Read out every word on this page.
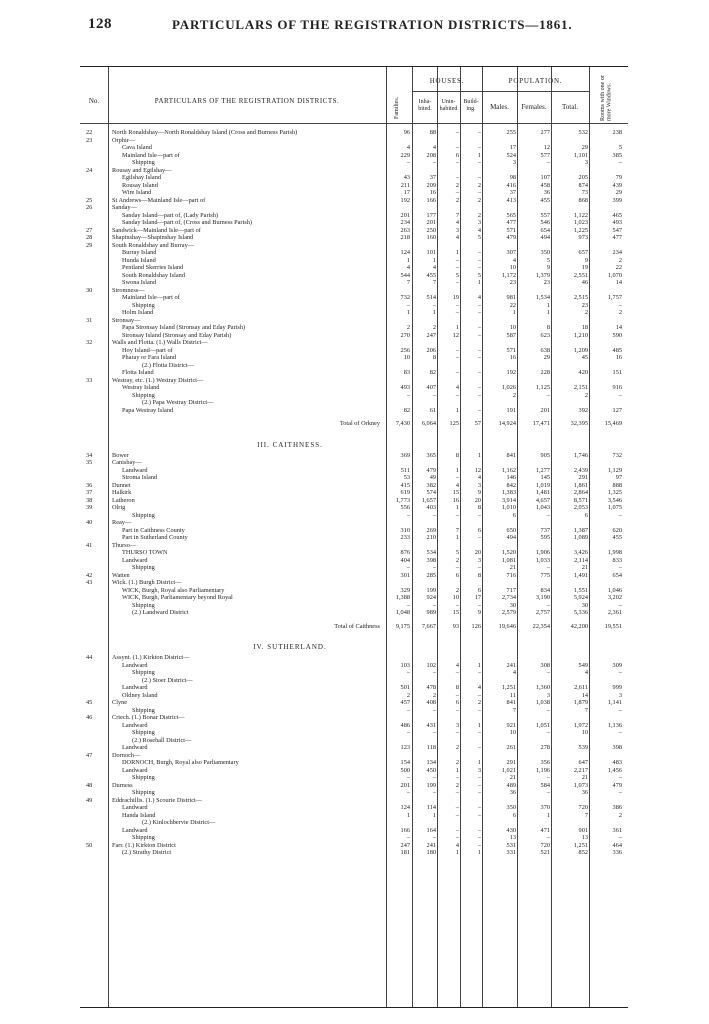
128	PARTICULARS OF THE REGISTRATION DISTRICTS—1861.
No.	PARTICULARS OF THE REGISTRATION DISTRICTS.	Families.
HOUSES.
Inha- bited.
Unin- habited
Build- ing.
POPULATION.
Males.	Females.	Total.	Rooms with one or more Windows.
22	North Ronaldshay—North Ronaldshay Island (Cross and Burness Parish)	96	88	–	–	255	277	532	238
23	Orphir—
Cava Island	4	4	–	–	17	12	29	5
Mainland Isle—part of	229	208	6	1	524	577	1,101	385
Shipping	–	–	–	–	3	–	3	–
24	Rousay and Egilshay—
Egilshay Island	43	37	–	–	98	107	205	79
Rousay Island	211	209	2	2	416	458	874	439
Wire Island	17	16	–	–	37	36	73	29
25	St Andrews—Mainland Isle—part of	192	166	2	2	413	455	868	399
26	Sanday—
Sanday Island—part of, (Lady Parish)	201	177	7	2	565	557	1,122	465
Sanday Island—part of, (Cross and Burness Parish)	234	201	4	3	477	546	1,023	493
27	Sandwick—Mainland Isle—part of	263	250	3	4	571	654	1,225	547
28	Shapinshay—Shapinshay Island	218	160	4	5	479	494	973	477
29	South Ronaldshay and Burray—
Burray Island	124	101	1	–	307	350	657	234
Hunda Island	1	1	–	–	4	5	9	2
Pentland Skerries Island	4	4	–	–	10	9	19	22
South Ronaldshay Island	544	455	5	5	1,172	1,379	2,551	1,070
Swona Island	7	7	–	1	23	23	46	14
30	Stromness—
Mainland Isle—part of	732	514	19	4	981	1,534	2,515	1,757
Shipping	–	–	–	–	22	1	23	–
Holm Island	1	1	–	–	1	1	2	2
31	Stronsay—
Papa Stronsay Island (Stronsay and Eday Parish)	2	2	1	–	10	8	18	14
Stronsay Island (Stronsay and Eday Parish)	270	247	12	–	587	623	1,210	590
32	Walls and Flotta. (1.) Walls District—
Hoy Island—part of	256	206	–	–	571	638	1,209	485
Pharay or Fara Island	10	8	–	–	16	29	45	16
(2.) Flotta District—
Flotta Island	83	82	–	–	192	228	420	151
33	Westray, etc. (1.) Westray District—
Westray Island	493	407	4	–	1,026	1,125	2,151	916
Shipping	–	–	–	–	2	–	2	–
(2.) Papa Westray District—
Papa Westray Island	82	61	1	–	191	201	392	127
Total of Orkney	7,430	6,064	125	57	14,924	17,471	32,395	15,469
III. CAITHNESS.
34	Bower	369	365	8	1	841	905	1,746	732
35	Canisbay—
Landward	511	479	1	12	1,162	1,277	2,439	1,129
Stroma Island	53	49	–	4	146	145	291	97
36	Dunnet	415	382	4	3	842	1,019	1,861	888
37	Halkirk	619	574	15	9	1,383	1,481	2,864	1,325
38	Latheron	1,773	1,657	16	20	3,914	4,657	8,571	3,546
39	Olrig	556	403	1	8	1,010	1,043	2,053	1,075
Shipping	–	–	–	–	6	–	6	–
40	Reay—
Part in Caithness County	310	269	7	6	650	737	1,387	620
Part in Sutherland County	233	210	1	–	494	595	1,089	455
41	Thurso—
THURSO TOWN	876	534	5	20	1,520	1,906	3,426	1,998
Landward	404	398	2	3	1,081	1,033	2,114	833
Shipping	–	–	–	–	21	–	21	–
42	Watten	301	285	6	8	716	775	1,491	654
43	Wick. (1.) Burgh District—
WICK, Burgh, Royal also Parliamentary	329	199	2	6	717	834	1,551	1,046
WICK, Burgh, Parliamentary beyond Royal	1,388	924	10	17	2,734	3,190	5,924	3,202
Shipping	–	–	–	–	30	–	30	–
(2.) Landward District	1,048	989	15	9	2,579	2,757	5,336	2,361
Total of Caithness	9,175	7,667	93	126	19,646	22,354	42,200	19,551
IV. SUTHERLAND.
44	Assynt. (1.) Kirkton District—
Landward	103	102	4	1	241	308	549	309
Shipping	–	–	–	–	4	–	4	–
(2.) Stoer District—
Landward	501	478	8	4	1,251	1,360	2,611	999
Oldney Island	2	2	–	–	11	3	14	3
45	Clyne	457	408	6	2	841	1,038	1,879	1,141
Shipping	–	–	–	–	7	–	7	–
46	Criech. (1.) Bonar District—
Landward	486	431	3	1	921	1,051	1,972	1,136
Shipping	–	–	–	–	10	–	10	–
(2.) Rosehall District—
Landward	123	118	2	–	261	278	539	398
47	Dornoch—
DORNOCH, Burgh, Royal also Parliamentary	154	134	2	1	291	356	647	483
Landward	500	450	1	3	1,021	1,196	2,217	1,456
Shipping	–	–	–	–	21	–	21	–
48	Durness	201	199	2	–	489	584	1,073	479
Shipping	–	–	–	–	36	–	36	–
49	Eddrachillis. (1.) Scourie District—
Landward	124	114	–	–	350	370	720	386
Handa Island	1	1	–	–	6	1	7	2
(2.) Kinlochbervie District—
Landward	166	164	–	–	430	471	901	361
Shipping	–	–	–	–	13	–	13	–
50	Farr. (1.) Kirkton District	247	241	4	–	531	720	1,251	464
(2.) Strathy District	181	180	1	1	331	521	852	336
